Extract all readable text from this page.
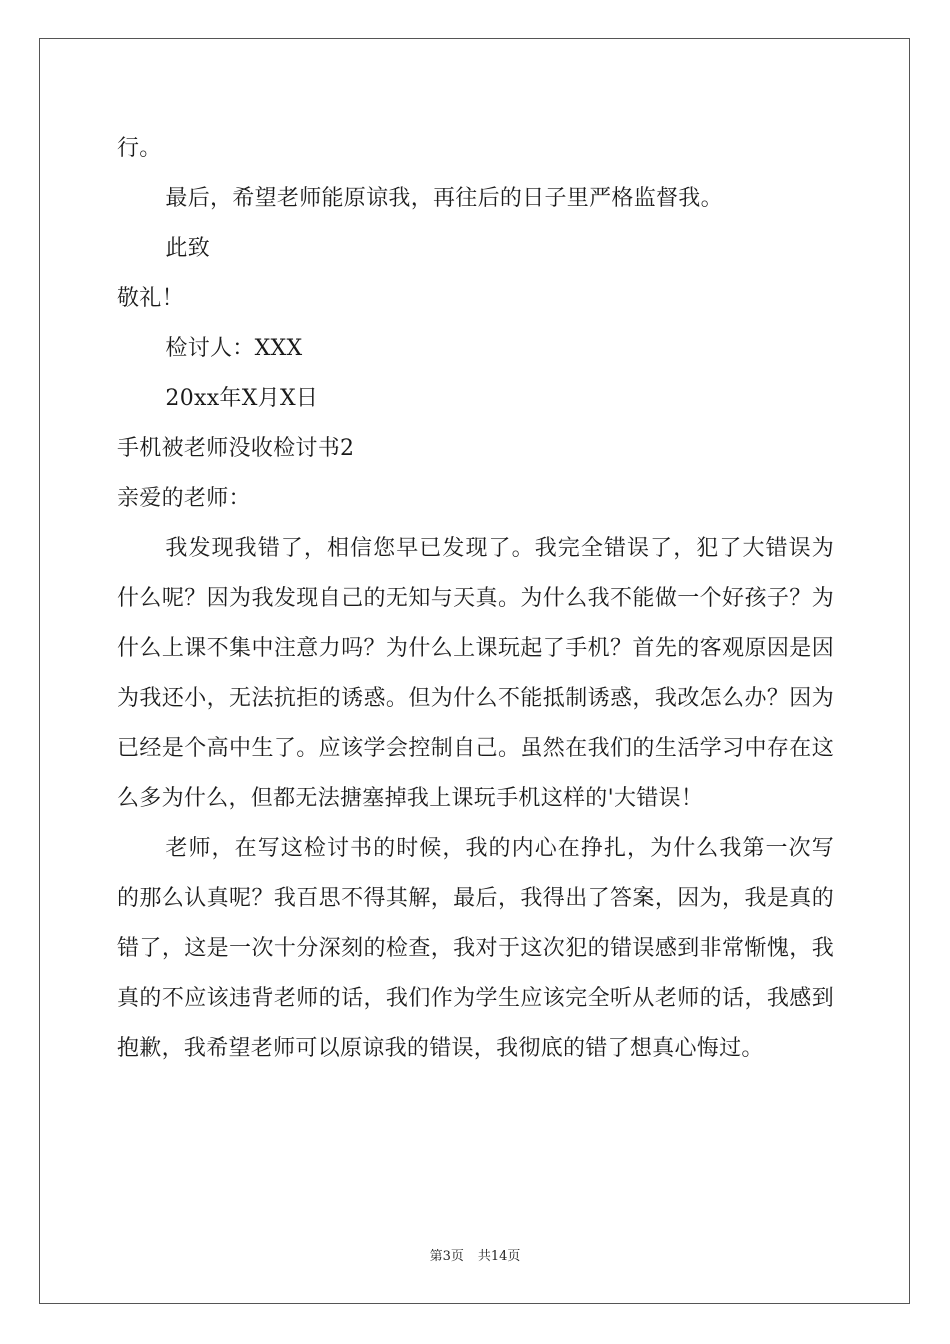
行。
最后，希望老师能原谅我，再往后的日子里严格监督我。
此致
敬礼！
检讨人：XXX
20xx年X月X日
手机被老师没收检讨书2
亲爱的老师：
我发现我错了，相信您早已发现了。我完全错误了，犯了大错误为什么呢？因为我发现自己的无知与天真。为什么我不能做一个好孩子？为什么上课不集中注意力吗？为什么上课玩起了手机？首先的客观原因是因为我还小，无法抗拒的诱惑。但为什么不能抵制诱惑，我改怎么办？因为已经是个高中生了。应该学会控制自己。虽然在我们的生活学习中存在这么多为什么，但都无法搪塞掉我上课玩手机这样的'大错误！
老师，在写这检讨书的时候，我的内心在挣扎，为什么我第一次写的那么认真呢？我百思不得其解，最后，我得出了答案，因为，我是真的错了，这是一次十分深刻的检查，我对于这次犯的错误感到非常惭愧，我真的不应该违背老师的话，我们作为学生应该完全听从老师的话，我感到抱歉，我希望老师可以原谅我的错误，我彻底的错了想真心悔过。
第3页 共14页
